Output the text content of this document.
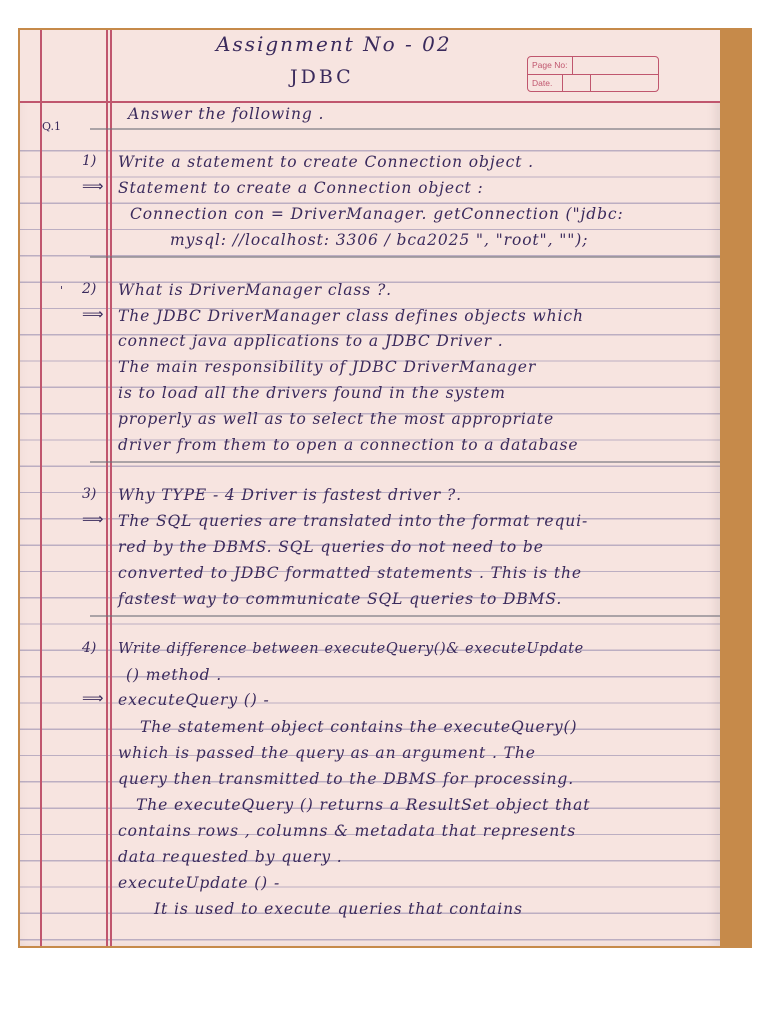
Assignment No - 02
JDBC
Page No:
Date.
Q.1
Answer the following .
1) Write a statement to create Connection object .
⟹ Statement to create a Connection object :
Connection con = DriverManager. getConnection ("jdbc:
mysql: //localhost: 3306 / bca2025 ", "root", "");
' 2) What is DriverManager class ?.
⟹ The JDBC DriverManager class defines objects which
connect java applications to a JDBC Driver .
The main responsibility of JDBC DriverManager
is to load all the drivers found in the system
properly as well as to select the most appropriate
driver from them to open a connection to a database
3) Why TYPE - 4 Driver is fastest driver ?.
⟹ The SQL queries are translated into the format requi-
red by the DBMS. SQL queries do not need to be
converted to JDBC formatted statements . This is the
fastest way to communicate SQL queries to DBMS.
4) Write difference between executeQuery()& executeUpdate
() method .
⟹ executeQuery () -
The statement object contains the executeQuery()
which is passed the query as an argument . The
query then transmitted to the DBMS for processing.
The executeQuery () returns a ResultSet object that
contains rows , columns & metadata that represents
data requested by query .
executeUpdate () -
It is used to execute queries that contains
